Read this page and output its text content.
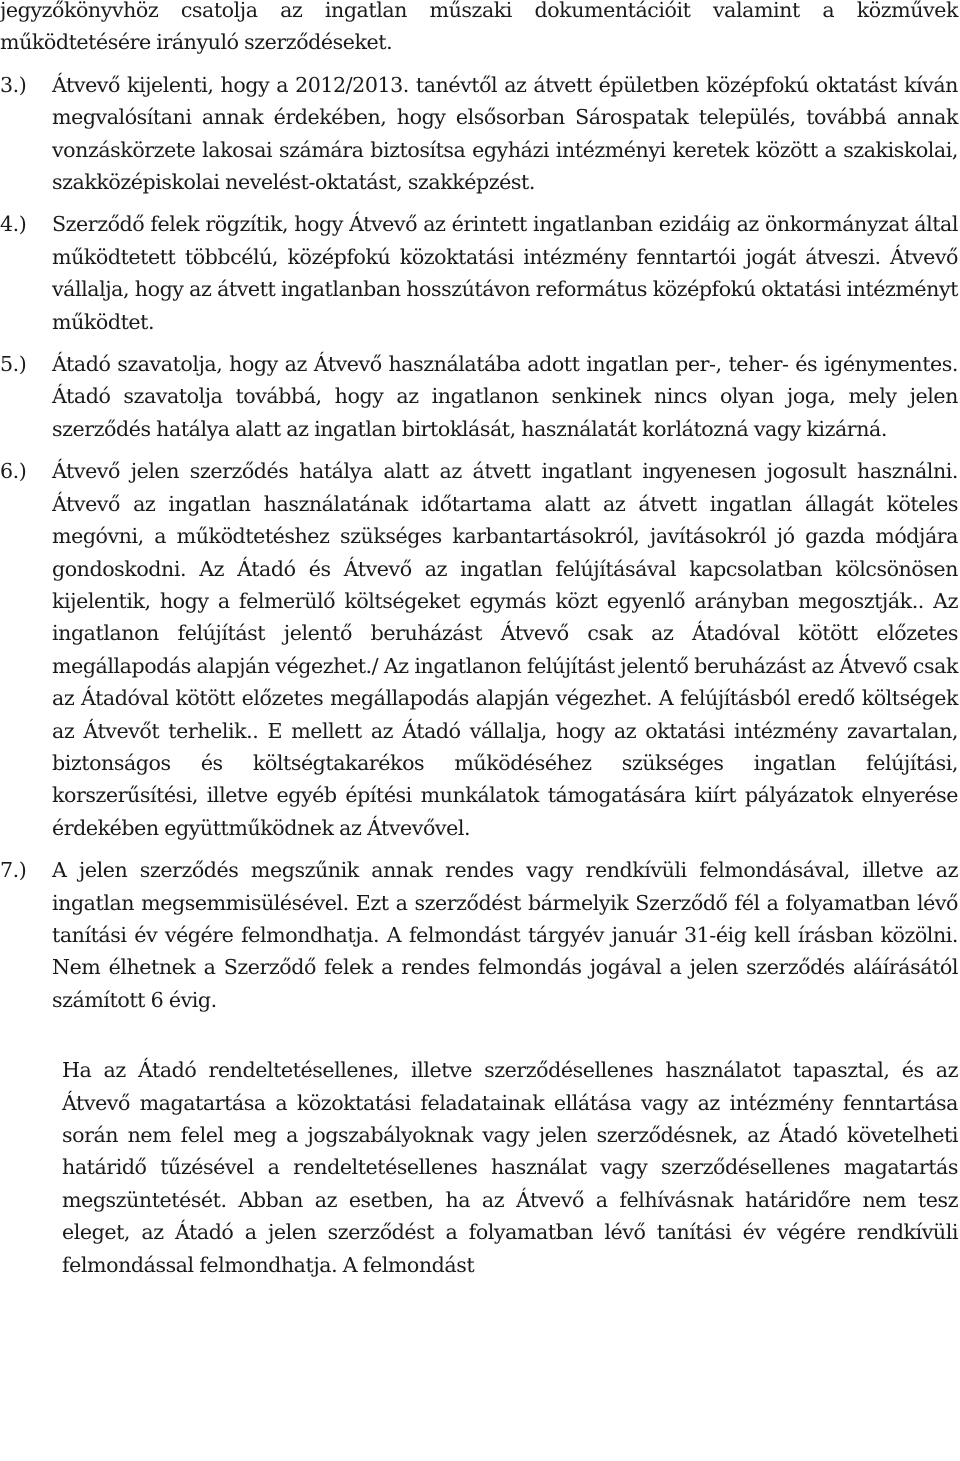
jegyzőkönyvhöz csatolja az ingatlan műszaki dokumentációit valamint a közművek működtetésére irányuló szerződéseket.

3.)	Átvevő kijelenti, hogy a 2012/2013. tanévtől az átvett épületben középfokú oktatást kíván megvalósítani annak érdekében, hogy elsősorban Sárospatak település, továbbá annak vonzáskörzete lakosai számára biztosítsa egyházi intézményi keretek között a szakiskolai, szakközépiskolai nevelést-oktatást, szakképzést.
4.)	Szerződő felek rögzítik, hogy Átvevő az érintett ingatlanban ezidáig az önkormányzat által működtetett többcélú, középfokú közoktatási intézmény fenntartói jogát átveszi. Átvevő vállalja, hogy az átvett ingatlanban hosszútávon református középfokú oktatási intézményt működtet.
5.)	Átadó szavatolja, hogy az Átvevő használatába adott ingatlan per-, teher- és igénymentes. Átadó szavatolja továbbá, hogy az ingatlanon senkinek nincs olyan joga, mely jelen szerződés hatálya alatt az ingatlan birtoklását, használatát korlátozná vagy kizárná.
6.)	Átvevő jelen szerződés hatálya alatt az átvett ingatlant ingyenesen jogosult használni. Átvevő az ingatlan használatának időtartama alatt az átvett ingatlan állagát köteles megóvni, a működtetéshez szükséges karbantartásokról, javításokról jó gazda módjára gondoskodni. Az Átadó és Átvevő az ingatlan felújításával kapcsolatban kölcsönösen kijelentik, hogy a felmerülő költségeket egymás közt egyenlő arányban megosztják.. Az ingatlanon felújítást jelentő beruházást Átvevő csak az Átadóval kötött előzetes megállapodás alapján végezhet./ Az ingatlanon felújítást jelentő beruházást az Átvevő csak az Átadóval kötött előzetes megállapodás alapján végezhet. A felújításból eredő költségek az Átvevőt terhelik.. E mellett az Átadó vállalja, hogy az oktatási intézmény zavartalan, biztonságos és költségtakarékos működéséhez szükséges ingatlan felújítási, korszerűsítési, illetve egyéb építési munkálatok támogatására kiírt pályázatok elnyerése érdekében együttműködnek az Átvevővel.
7.)	A jelen szerződés megszűnik annak rendes vagy rendkívüli felmondásával, illetve az ingatlan megsemmisülésével. Ezt a szerződést bármelyik Szerződő fél a folyamatban lévő tanítási év végére felmondhatja. A felmondást tárgyév január 31-éig kell írásban közölni. Nem élhetnek a Szerződő felek a rendes felmondás jogával a jelen szerződés aláírásától számított 6 évig.

Ha az Átadó rendeltetésellenes, illetve szerződésellenes használatot tapasztal, és az Átvevő magatartása a közoktatási feladatainak ellátása vagy az intézmény fenntartása során nem felel meg a jogszabályoknak vagy jelen szerződésnek, az Átadó követelheti határidő tűzésével a rendeltetésellenes használat vagy szerződésellenes magatartás megszüntetését. Abban az esetben, ha az Átvevő a felhívásnak határidőre nem tesz eleget, az Átadó a jelen szerződést a folyamatban lévő tanítási év végére rendkívüli felmondással felmondhatja. A felmondást
